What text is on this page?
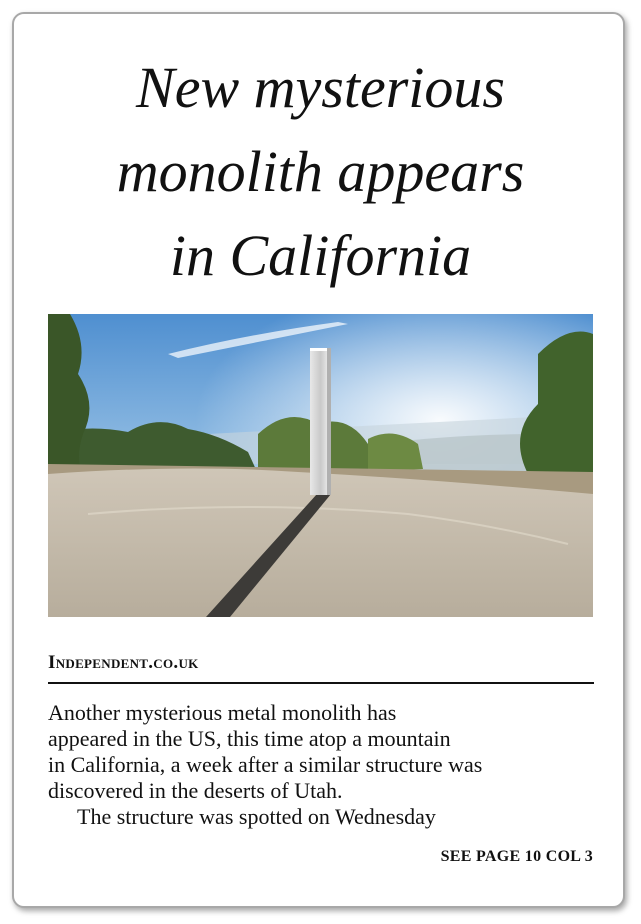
New mysterious
monolith appears
in California
Independent.co.uk
Another mysterious metal monolith has
appeared in the US, this time atop a mountain
in California, a week after a similar structure was
discovered in the deserts of Utah.
The structure was spotted on Wednesday
SEE PAGE 10 COL 3
